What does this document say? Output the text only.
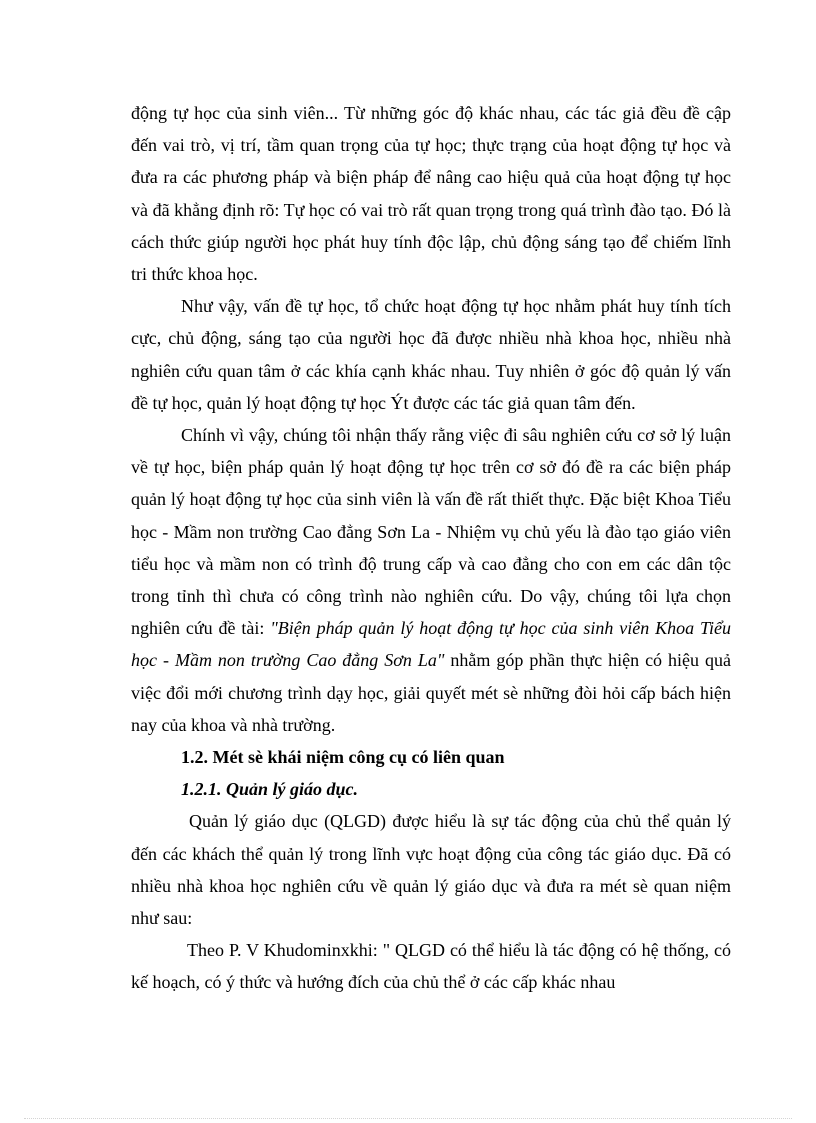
động tự học của sinh viên... Từ những góc độ khác nhau, các tác giả đều đề cập đến vai trò, vị trí, tầm quan trọng của tự học; thực trạng của hoạt động tự học và đưa ra các phương pháp và biện pháp để nâng cao hiệu quả của hoạt động tự học và đã khẳng định rõ: Tự học có vai trò rất quan trọng trong quá trình đào tạo. Đó là cách thức giúp người học phát huy tính độc lập, chủ động sáng tạo để chiếm lĩnh tri thức khoa học.

Như vậy, vấn đề tự học, tổ chức hoạt động tự học nhằm phát huy tính tích cực, chủ động, sáng tạo của người học đã được nhiều nhà khoa học, nhiều nhà nghiên cứu quan tâm ở các khía cạnh khác nhau. Tuy nhiên ở góc độ quản lý vấn đề tự học, quản lý hoạt động tự học Ýt được các tác giả quan tâm đến.

Chính vì vậy, chúng tôi nhận thấy rằng việc đi sâu nghiên cứu cơ sở lý luận về tự học, biện pháp quản lý hoạt động tự học trên cơ sở đó đề ra các biện pháp quản lý hoạt động tự học của sinh viên là vấn đề rất thiết thực. Đặc biệt Khoa Tiểu học - Mầm non trường Cao đẳng Sơn La - Nhiệm vụ chủ yếu là đào tạo giáo viên tiểu học và mầm non có trình độ trung cấp và cao đẳng cho con em các dân tộc trong tỉnh thì chưa có công trình nào nghiên cứu. Do vậy, chúng tôi lựa chọn nghiên cứu đề tài: "Biện pháp quản lý hoạt động tự học của sinh viên Khoa Tiểu học - Mầm non trường Cao đẳng Sơn La" nhằm góp phần thực hiện có hiệu quả việc đổi mới chương trình dạy học, giải quyết mét sè những đòi hỏi cấp bách hiện nay của khoa và nhà trường.

1.2. Mét sè khái niệm công cụ có liên quan
1.2.1. Quản lý giáo dục.

Quản lý giáo dục (QLGD) được hiểu là sự tác động của chủ thể quản lý đến các khách thể quản lý trong lĩnh vực hoạt động của công tác giáo dục. Đã có nhiều nhà khoa học nghiên cứu về quản lý giáo dục và đưa ra mét sè quan niệm như sau:

Theo P. V Khudominxkhi: " QLGD có thể hiểu là tác động có hệ thống, có kế hoạch, có ý thức và hướng đích của chủ thể ở các cấp khác nhau
